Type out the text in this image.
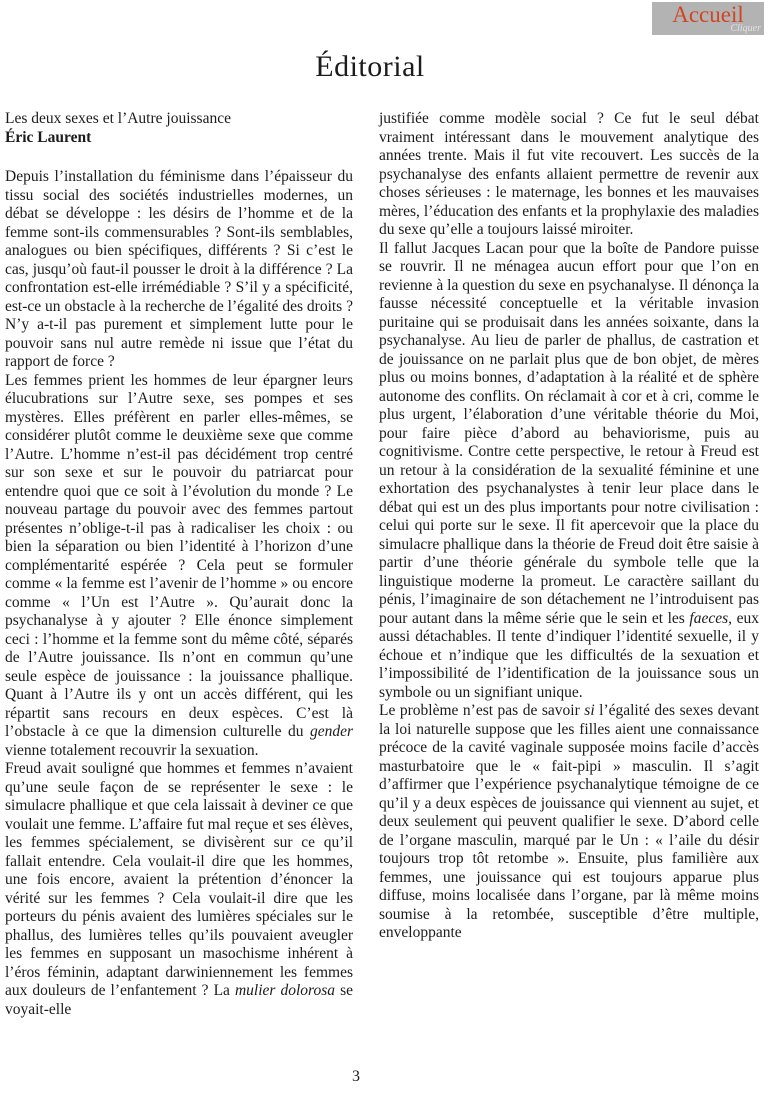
Accueil
Cliquer
Éditorial
Les deux sexes et l’Autre jouissance
Éric Laurent

Depuis l’installation du féminisme dans l’épaisseur du tissu social des sociétés industrielles modernes, un débat se développe : les désirs de l’homme et de la femme sont-ils commensurables ? Sont-ils semblables, analogues ou bien spécifiques, différents ? Si c’est le cas, jusqu’où faut-il pousser le droit à la différence ? La confrontation est-elle irrémédiable ? S’il y a spécificité, est-ce un obstacle à la recherche de l’égalité des droits ? N’y a-t-il pas purement et simplement lutte pour le pouvoir sans nul autre remède ni issue que l’état du rapport de force ?

Les femmes prient les hommes de leur épargner leurs élucubrations sur l’Autre sexe, ses pompes et ses mystères. Elles préfèrent en parler elles-mêmes, se considérer plutôt comme le deuxième sexe que comme l’Autre. L’homme n’est-il pas décidément trop centré sur son sexe et sur le pouvoir du patriarcat pour entendre quoi que ce soit à l’évolution du monde ? Le nouveau partage du pouvoir avec des femmes partout présentes n’oblige-t-il pas à radicaliser les choix : ou bien la séparation ou bien l’identité à l’horizon d’une complémentarité espérée ? Cela peut se formuler comme « la femme est l’avenir de l’homme » ou encore comme « l’Un est l’Autre ». Qu’aurait donc la psychanalyse à y ajouter ? Elle énonce simplement ceci : l’homme et la femme sont du même côté, séparés de l’Autre jouissance. Ils n’ont en commun qu’une seule espèce de jouissance : la jouissance phallique. Quant à l’Autre ils y ont un accès différent, qui les répartit sans recours en deux espèces. C’est là l’obstacle à ce que la dimension culturelle du gender vienne totalement recouvrir la sexuation.

Freud avait souligné que hommes et femmes n’avaient qu’une seule façon de se représenter le sexe : le simulacre phallique et que cela laissait à deviner ce que voulait une femme. L’affaire fut mal reçue et ses élèves, les femmes spécialement, se divisèrent sur ce qu’il fallait entendre. Cela voulait-il dire que les hommes, une fois encore, avaient la prétention d’énoncer la vérité sur les femmes ? Cela voulait-il dire que les porteurs du pénis avaient des lumières spéciales sur le phallus, des lumières telles qu’ils pouvaient aveugler les femmes en supposant un masochisme inhérent à l’éros féminin, adaptant darwiniennement les femmes aux douleurs de l’enfantement ? La mulier dolorosa se voyait-elle

justifiée comme modèle social ? Ce fut le seul débat vraiment intéressant dans le mouvement analytique des années trente. Mais il fut vite recouvert. Les succès de la psychanalyse des enfants allaient permettre de revenir aux choses sérieuses : le maternage, les bonnes et les mauvaises mères, l’éducation des enfants et la prophylaxie des maladies du sexe qu’elle a toujours laissé miroiter.

Il fallut Jacques Lacan pour que la boîte de Pandore puisse se rouvrir. Il ne ménagea aucun effort pour que l’on en revienne à la question du sexe en psychanalyse. Il dénonça la fausse nécessité conceptuelle et la véritable invasion puritaine qui se produisait dans les années soixante, dans la psychanalyse. Au lieu de parler de phallus, de castration et de jouissance on ne parlait plus que de bon objet, de mères plus ou moins bonnes, d’adaptation à la réalité et de sphère autonome des conflits. On réclamait à cor et à cri, comme le plus urgent, l’élaboration d’une véritable théorie du Moi, pour faire pièce d’abord au behaviorisme, puis au cognitivisme. Contre cette perspective, le retour à Freud est un retour à la considération de la sexualité féminine et une exhortation des psychanalystes à tenir leur place dans le débat qui est un des plus importants pour notre civilisation : celui qui porte sur le sexe. Il fit apercevoir que la place du simulacre phallique dans la théorie de Freud doit être saisie à partir d’une théorie générale du symbole telle que la linguistique moderne la promeut. Le caractère saillant du pénis, l’imaginaire de son détachement ne l’introduisent pas pour autant dans la même série que le sein et les faeces, eux aussi détachables. Il tente d’indiquer l’identité sexuelle, il y échoue et n’indique que les difficultés de la sexuation et l’impossibilité de l’identification de la jouissance sous un symbole ou un signifiant unique.

Le problème n’est pas de savoir si l’égalité des sexes devant la loi naturelle suppose que les filles aient une connaissance précoce de la cavité vaginale supposée moins facile d’accès masturbatoire que le « fait-pipi » masculin. Il s’agit d’affirmer que l’expérience psychanalytique témoigne de ce qu’il y a deux espèces de jouissance qui viennent au sujet, et deux seulement qui peuvent qualifier le sexe. D’abord celle de l’organe masculin, marqué par le Un : « l’aile du désir toujours trop tôt retombe ». Ensuite, plus familière aux femmes, une jouissance qui est toujours apparue plus diffuse, moins localisée dans l’organe, par là même moins soumise à la retombée, susceptible d’être multiple, enveloppante

3
